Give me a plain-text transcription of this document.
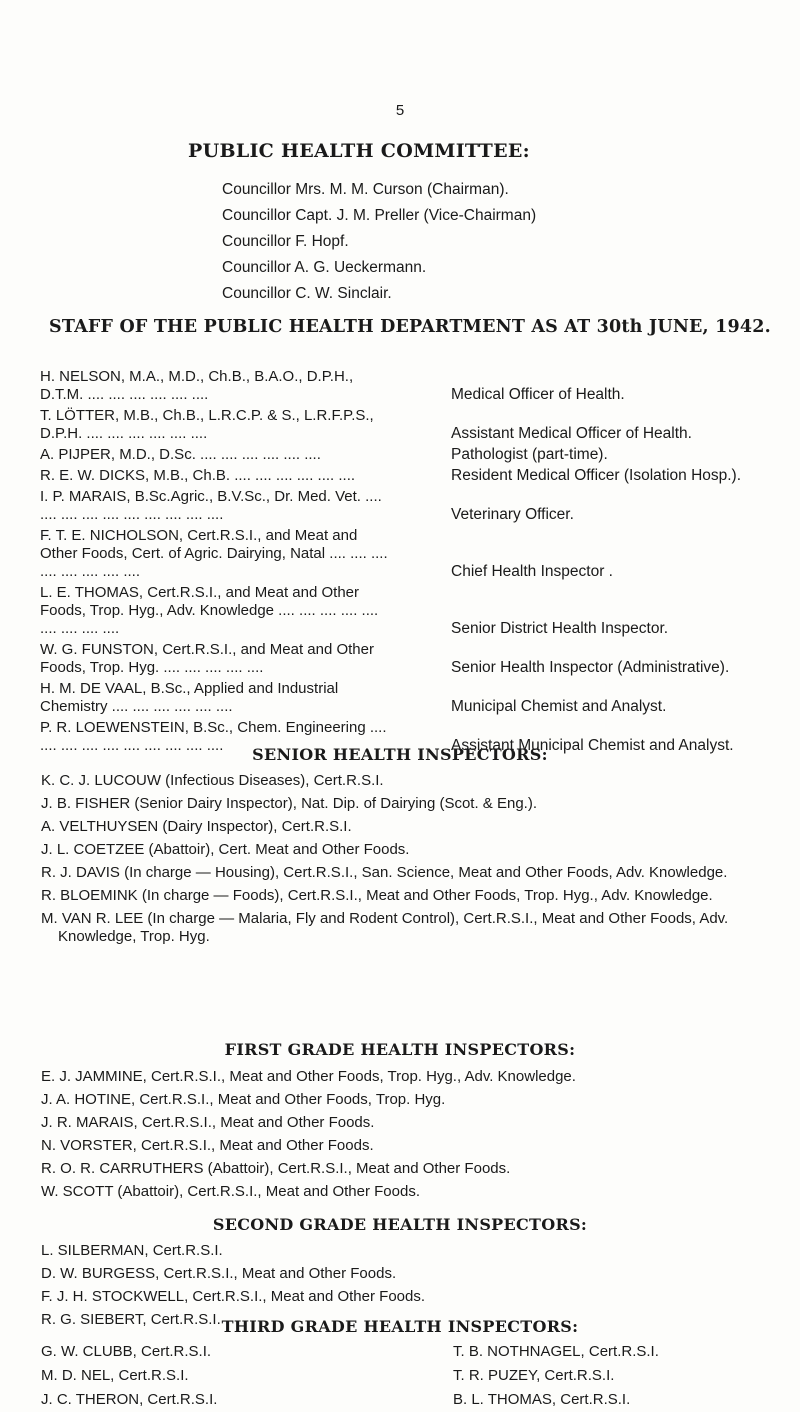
5
PUBLIC HEALTH COMMITTEE:
Councillor Mrs. M. M. Curson (Chairman).
Councillor Capt. J. M. Preller (Vice-Chairman)
Councillor F. Hopf.
Councillor A. G. Ueckermann.
Councillor C. W. Sinclair.
STAFF OF THE PUBLIC HEALTH DEPARTMENT AS AT 30th JUNE, 1942.
H. NELSON, M.A., M.D., Ch.B., B.A.O., D.P.H., D.T.M. .... .... .... .... .... ....	Medical Officer of Health.
T. LÖTTER, M.B., Ch.B., L.R.C.P. & S., L.R.F.P.S., D.P.H. .... .... .... .... .... ....	Assistant Medical Officer of Health.
A. PIJPER, M.D., D.Sc. .... .... .... .... .... ....	Pathologist (part-time).
R. E. W. DICKS, M.B., Ch.B. .... .... .... .... .... ....	Resident Medical Officer (Isolation Hosp.).
I. P. MARAIS, B.Sc.Agric., B.V.Sc., Dr. Med. Vet. .... .... .... .... .... .... .... .... .... ....	Veterinary Officer.
F. T. E. NICHOLSON, Cert.R.S.I., and Meat and Other Foods, Cert. of Agric. Dairying, Natal .... .... .... .... .... .... .... ....	Chief Health Inspector .
L. E. THOMAS, Cert.R.S.I., and Meat and Other Foods, Trop. Hyg., Adv. Knowledge .... .... .... .... .... .... .... .... ....	Senior District Health Inspector.
W. G. FUNSTON, Cert.R.S.I., and Meat and Other Foods, Trop. Hyg. .... .... .... .... ....	Senior Health Inspector (Administrative).
H. M. DE VAAL, B.Sc., Applied and Industrial Chemistry .... .... .... .... .... ....	Municipal Chemist and Analyst.
P. R. LOEWENSTEIN, B.Sc., Chem. Engineering .... .... .... .... .... .... .... .... .... ....	Assistant Municipal Chemist and Analyst.
SENIOR HEALTH INSPECTORS:
K. C. J. LUCOUW (Infectious Diseases), Cert.R.S.I.
J. B. FISHER (Senior Dairy Inspector), Nat. Dip. of Dairying (Scot. & Eng.).
A. VELTHUYSEN (Dairy Inspector), Cert.R.S.I.
J. L. COETZEE (Abattoir), Cert. Meat and Other Foods.
R. J. DAVIS (In charge — Housing), Cert.R.S.I., San. Science, Meat and Other Foods, Adv. Knowledge.
R. BLOEMINK (In charge — Foods), Cert.R.S.I., Meat and Other Foods, Trop. Hyg., Adv. Knowledge.
M. VAN R. LEE (In charge — Malaria, Fly and Rodent Control), Cert.R.S.I., Meat and Other Foods, Adv. Knowledge, Trop. Hyg.
FIRST GRADE HEALTH INSPECTORS:
E. J. JAMMINE, Cert.R.S.I., Meat and Other Foods, Trop. Hyg., Adv. Knowledge.
J. A. HOTINE, Cert.R.S.I., Meat and Other Foods, Trop. Hyg.
J. R. MARAIS, Cert.R.S.I., Meat and Other Foods.
N. VORSTER, Cert.R.S.I., Meat and Other Foods.
R. O. R. CARRUTHERS (Abattoir), Cert.R.S.I., Meat and Other Foods.
W. SCOTT (Abattoir), Cert.R.S.I., Meat and Other Foods.
SECOND GRADE HEALTH INSPECTORS:
L. SILBERMAN, Cert.R.S.I.
D. W. BURGESS, Cert.R.S.I., Meat and Other Foods.
F. J. H. STOCKWELL, Cert.R.S.I., Meat and Other Foods.
R. G. SIEBERT, Cert.R.S.I. THIRD GRADE HEALTH INSPECTORS:
G. W. CLUBB, Cert.R.S.I.
M. D. NEL, Cert.R.S.I.
J. C. THERON, Cert.R.S.I.
T. B. NOTHNAGEL, Cert.R.S.I.
T. R. PUZEY, Cert.R.S.I.
B. L. THOMAS, Cert.R.S.I.
